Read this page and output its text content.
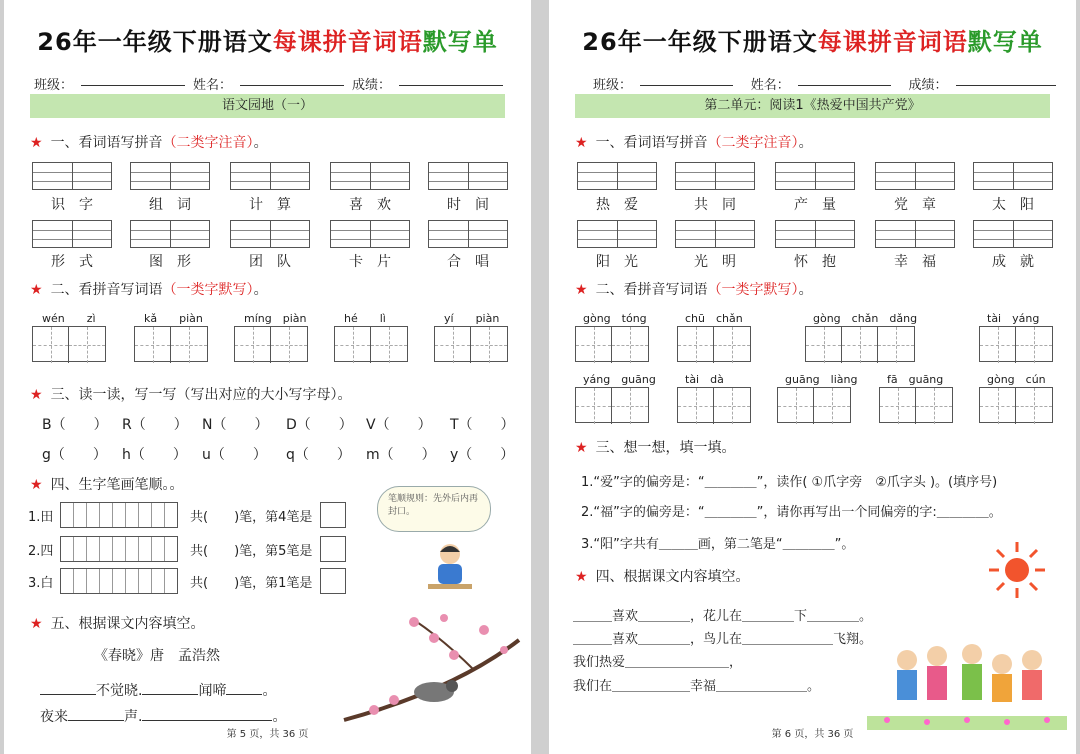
26年一年级下册语文每课拼音词语默写单
班级：	姓名：	成绩：
语文园地（一）
★ 一、看词语写拼音（二类字注音）。
识　字	组　词	计　算	喜　欢	时　间
形　式	图　形	团　队	卡　片	合　唱
★ 二、看拼音写词语（一类字默写）。
wén　　zì	kǎ　　piàn	míng　piàn	hé　　lì	yí　　piàn
★ 三、读一读，写一写（写出对应的大小写字母）。
B（　　） R（　　） N（　　） D（　　） V（　　） T（　　）
g（　　） h（　　） u（　　） q（　　） m（　　） y（　　）
★ 四、生字笔画笔顺。。
1.田	共(　　)笔，第4笔是
2.四	共(　　)笔，第5笔是
3.白	共(　　)笔，第1笔是
笔顺规则：先外后内再封口。
★ 五、根据课文内容填空。
《春晓》唐　孟浩然
不觉晓.	闻啼	。
夜来	声.	。
第 5 页，共 36 页
26年一年级下册语文每课拼音词语默写单
班级：	姓名：	成绩：
第二单元：阅读1《热爱中国共产党》
★ 一、看词语写拼音（二类字注音）。
热　爱	共　同	产　量	党　章	太　阳
阳　光	光　明	怀　抱	幸　福	成　就
★ 二、看拼音写词语（一类字默写）。
gòng　tóng	chū　chǎn	gòng　chǎn　dǎng	tài　yáng
yáng　guāng	tài　dà	guāng　liàng	fā　guāng	gòng　cún
★ 三、想一想，填一填。
1.“爱”字的偏旁是：“＿＿＿＿”，读作( ①爪字旁　②爪字头 )。(填序号)
2.“福”字的偏旁是：“＿＿＿＿”，请你再写出一个同偏旁的字:＿＿＿＿。
3.“阳”字共有＿＿＿画，第二笔是“＿＿＿＿”。
★ 四、根据课文内容填空。
＿＿＿喜欢＿＿＿＿，花儿在＿＿＿＿下＿＿＿＿。
＿＿＿喜欢＿＿＿＿，鸟儿在＿＿＿＿＿＿＿飞翔。
我们热爱＿＿＿＿＿＿＿＿，
我们在＿＿＿＿＿＿幸福＿＿＿＿＿＿＿。
第 6 页，共 36 页
